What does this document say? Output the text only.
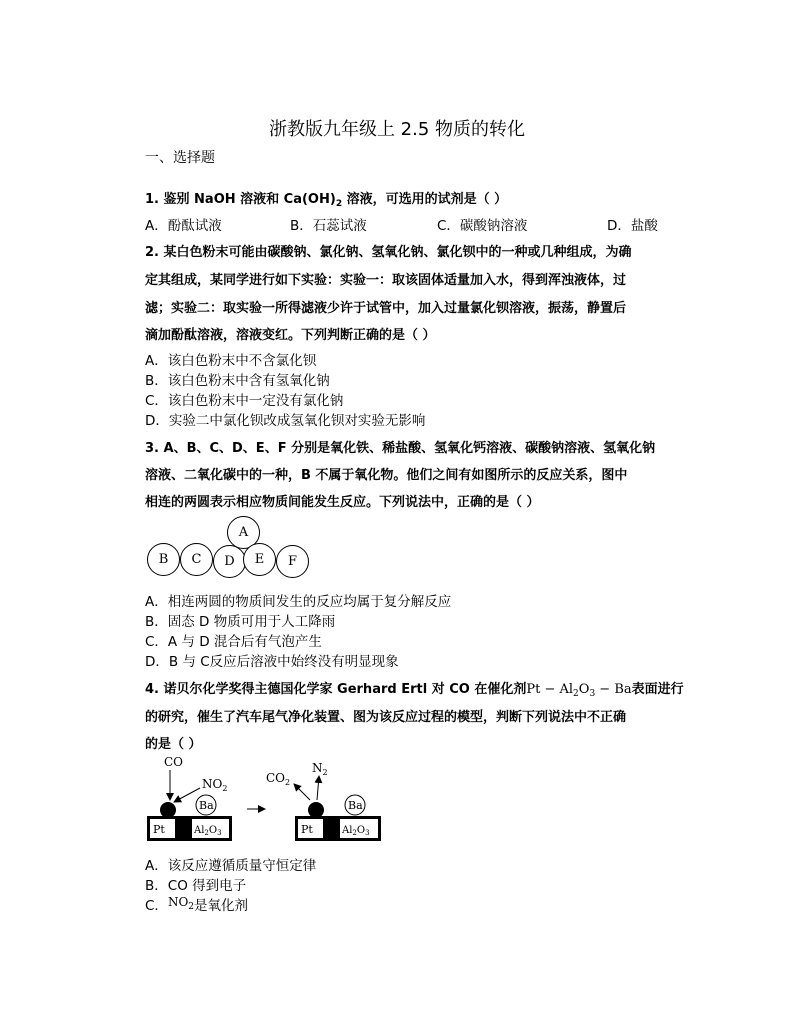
浙教版九年级上 2.5 物质的转化
一、选择题
1. 鉴别 NaOH 溶液和 $Ca(OH)_2$ 溶液，可选用的试剂是（ ）
A．酚酞试液	B．石蕊试液	C．碳酸钠溶液	D．盐酸
2. 某白色粉末可能由碳酸钠、氯化钠、氢氧化钠、氯化钡中的一种或几种组成，为确
定其组成，某同学进行如下实验：实验一：取该固体适量加入水，得到浑浊液体，过
滤；实验二：取实验一所得滤液少许于试管中，加入过量氯化钡溶液，振荡，静置后
滴加酚酞溶液，溶液变红。下列判断正确的是（ ）
A．该白色粉末中不含氯化钡
B．该白色粉末中含有氢氧化钠
C．该白色粉末中一定没有氯化钠
D．实验二中氯化钡改成氢氧化钡对实验无影响
3. A、B、C、D、E、F 分别是氧化铁、稀盐酸、氢氧化钙溶液、碳酸钠溶液、氢氧化钠
溶液、二氧化碳中的一种，B 不属于氧化物。他们之间有如图所示的反应关系，图中
相连的两圆表示相应物质间能发生反应。下列说法中，正确的是（ ）
A
B	C	D	E	F
A．相连两圆的物质间发生的反应均属于复分解反应
B．固态 D 物质可用于人工降雨
C．A 与 D 混合后有气泡产生
D．B 与 C反应后溶液中始终没有明显现象
4. 诺贝尔化学奖得主德国化学家 Gerhard Ertl 对 CO 在催化剂$Pt - Al_2O_3 - Ba$表面进行
的研究，催生了汽车尾气净化装置、图为该反应过程的模型，判断下列说法中不正确
的是（ ）
CO
$NO_2$
Ba
Pt	$Al_2O_3$
$CO_2$
$N_2$
Ba
Pt	$Al_2O_3$
A．该反应遵循质量守恒定律
B．CO 得到电子
C．$NO_2$是氧化剂
